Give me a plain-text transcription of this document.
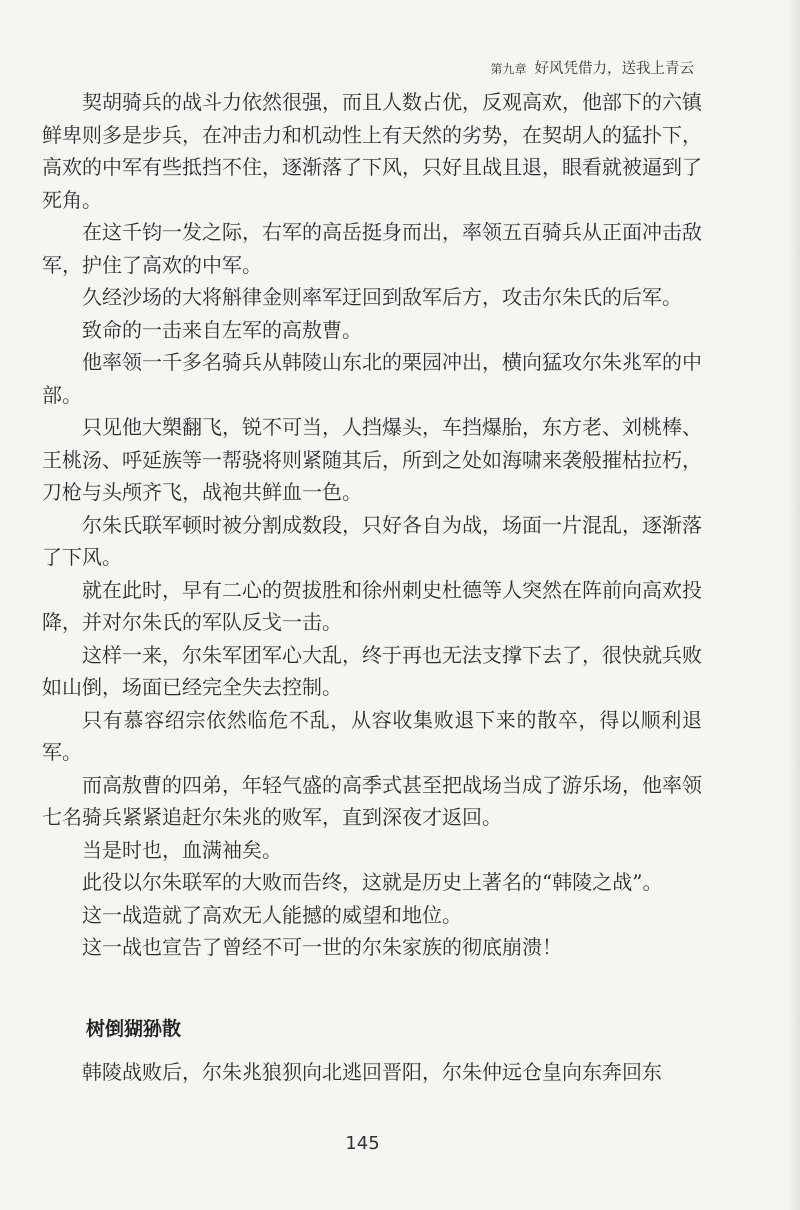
第九章 好风凭借力，送我上青云

契胡骑兵的战斗力依然很强，而且人数占优，反观高欢，他部下的六镇鲜卑则多是步兵，在冲击力和机动性上有天然的劣势，在契胡人的猛扑下，高欢的中军有些抵挡不住，逐渐落了下风，只好且战且退，眼看就被逼到了死角。

在这千钧一发之际，右军的高岳挺身而出，率领五百骑兵从正面冲击敌军，护住了高欢的中军。

久经沙场的大将斛律金则率军迂回到敌军后方，攻击尔朱氏的后军。

致命的一击来自左军的高敖曹。

他率领一千多名骑兵从韩陵山东北的栗园冲出，横向猛攻尔朱兆军的中部。

只见他大槊翻飞，锐不可当，人挡爆头，车挡爆胎，东方老、刘桃棒、王桃汤、呼延族等一帮骁将则紧随其后，所到之处如海啸来袭般摧枯拉朽，刀枪与头颅齐飞，战袍共鲜血一色。

尔朱氏联军顿时被分割成数段，只好各自为战，场面一片混乱，逐渐落了下风。

就在此时，早有二心的贺拔胜和徐州刺史杜德等人突然在阵前向高欢投降，并对尔朱氏的军队反戈一击。

这样一来，尔朱军团军心大乱，终于再也无法支撑下去了，很快就兵败如山倒，场面已经完全失去控制。

只有慕容绍宗依然临危不乱，从容收集败退下来的散卒，得以顺利退军。

而高敖曹的四弟，年轻气盛的高季式甚至把战场当成了游乐场，他率领七名骑兵紧紧追赶尔朱兆的败军，直到深夜才返回。

当是时也，血满袖矣。

此役以尔朱联军的大败而告终，这就是历史上著名的“韩陵之战”。

这一战造就了高欢无人能撼的威望和地位。

这一战也宣告了曾经不可一世的尔朱家族的彻底崩溃！

树倒猢狲散

韩陵战败后，尔朱兆狼狈向北逃回晋阳，尔朱仲远仓皇向东奔回东

145
